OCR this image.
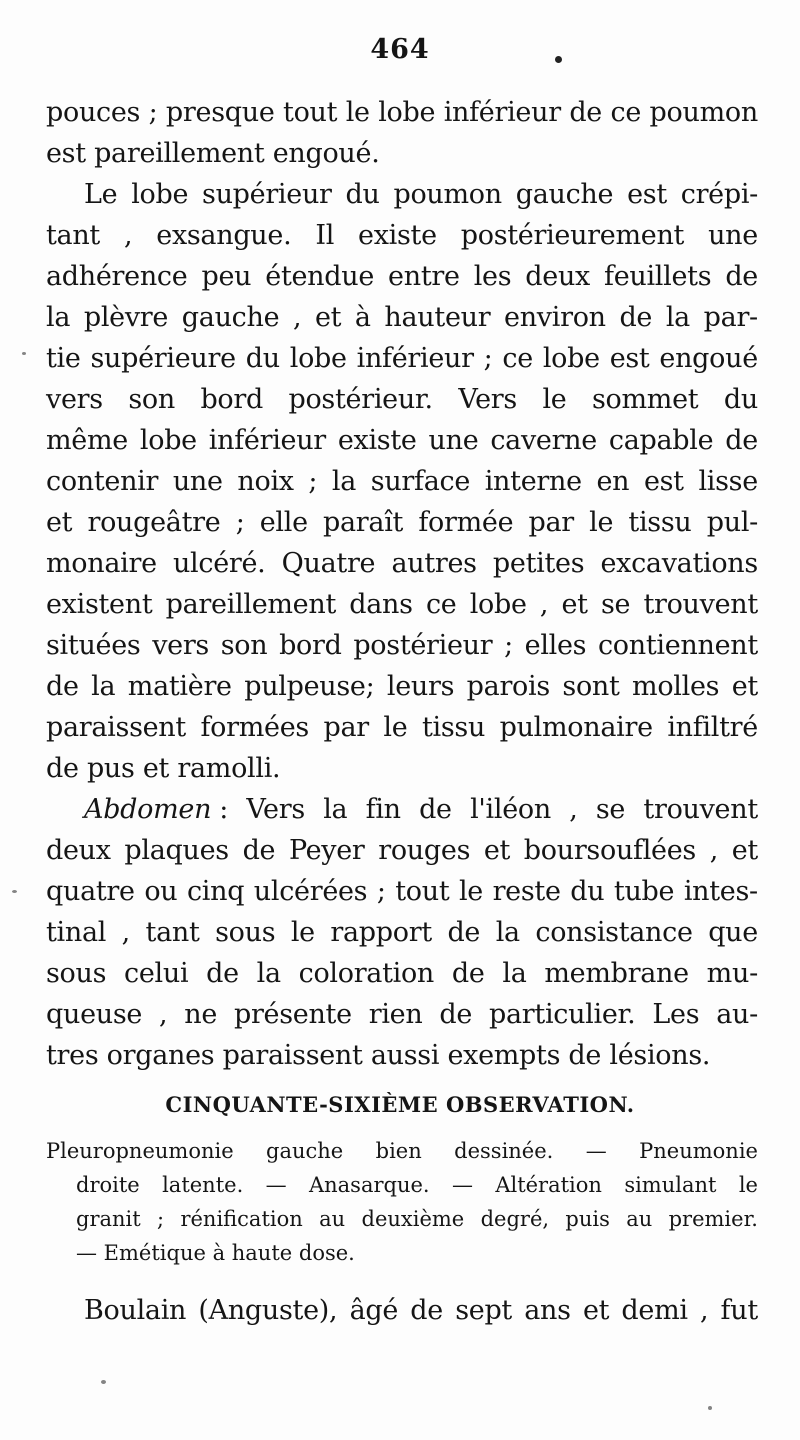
464
pouces ; presque tout le lobe inférieur de ce poumon
est pareillement engoué.
Le lobe supérieur du poumon gauche est crépi-
tant , exsangue. Il existe postérieurement une
adhérence peu étendue entre les deux feuillets de
la plèvre gauche , et à hauteur environ de la par-
tie supérieure du lobe inférieur ; ce lobe est engoué
vers son bord postérieur. Vers le sommet du
même lobe inférieur existe une caverne capable de
contenir une noix ; la surface interne en est lisse
et rougeâtre ; elle paraît formée par le tissu pul-
monaire ulcéré. Quatre autres petites excavations
existent pareillement dans ce lobe , et se trouvent
situées vers son bord postérieur ; elles contiennent
de la matière pulpeuse; leurs parois sont molles et
paraissent formées par le tissu pulmonaire infiltré
de pus et ramolli.
Abdomen : Vers la fin de l'iléon , se trouvent
deux plaques de Peyer rouges et boursouflées , et
quatre ou cinq ulcérées ; tout le reste du tube intes-
tinal , tant sous le rapport de la consistance que
sous celui de la coloration de la membrane mu-
queuse , ne présente rien de particulier. Les au-
tres organes paraissent aussi exempts de lésions.
CINQUANTE-SIXIÈME OBSERVATION.
Pleuropneumonie gauche bien dessinée. — Pneumonie
droite latente. — Anasarque. — Altération simulant le
granit ; rénification au deuxième degré, puis au premier.
— Emétique à haute dose.
Boulain (Anguste), âgé de sept ans et demi , fut
